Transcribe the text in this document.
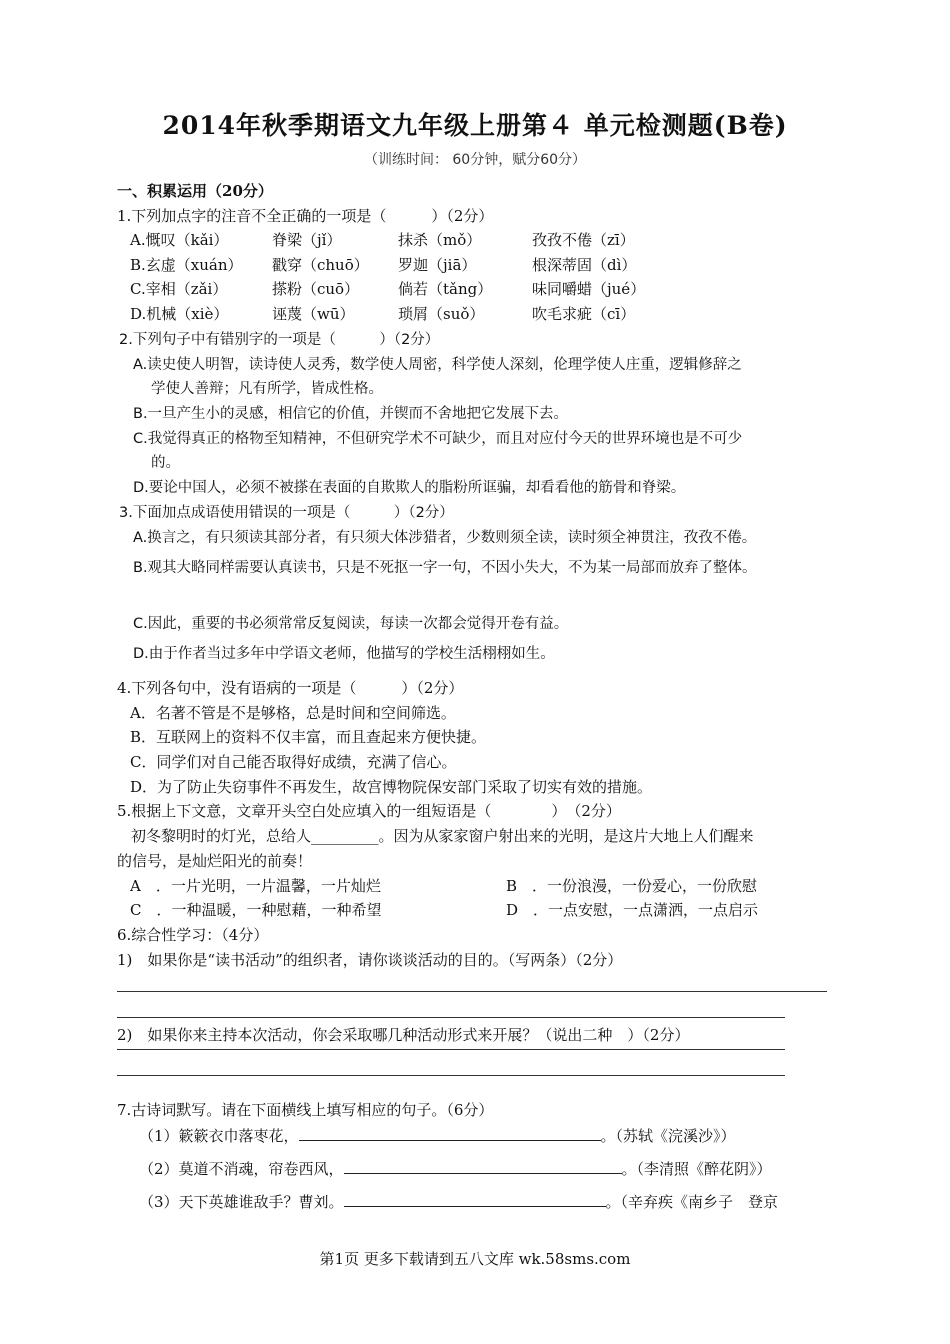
2014年秋季期语文九年级上册第４ 单元检测题(B卷)
（训练时间： 60分钟，赋分60分）
一、积累运用（20分）
1.下列加点字的注音不全正确的一项是（　　　）（2分）
A.慨叹（kǎi）	脊梁（jǐ）	抹杀（mǒ）	孜孜不倦（zī）
B.玄虚（xuán） 戳穿（chuō） 罗迦（jiā）	根深蒂固（dì）
C.宰相（zǎi）	搽粉（cuō）	倘若（tǎng）	味同嚼蜡（jué）
D.机械（xiè）	诬蔑（wū）	琐屑（suǒ）	吹毛求疵（cī）
2.下列句子中有错别字的一项是（　　　）（2分）
A.读史使人明智，读诗使人灵秀，数学使人周密，科学使人深刻，伦理学使人庄重，逻辑修辞之
学使人善辩；凡有所学，皆成性格。
B.一旦产生小的灵感，相信它的价值，并锲而不舍地把它发展下去。
C.我觉得真正的格物至知精神，不但研究学术不可缺少，而且对应付今天的世界环境也是不可少
的。
D.要论中国人，必须不被搽在表面的自欺欺人的脂粉所诓骗，却看看他的筋骨和脊梁。
3.下面加点成语使用错误的一项是（　　　）（2分）
A.换言之，有只须读其部分者，有只须大体涉猎者，少数则须全读，读时须全神贯注，孜孜不倦。
B.观其大略同样需要认真读书，只是不死抠一字一句，不因小失大，不为某一局部而放弃了整体。
C.因此，重要的书必须常常反复阅读，每读一次都会觉得开卷有益。
D.由于作者当过多年中学语文老师，他描写的学校生活栩栩如生。
4.下列各句中，没有语病的一项是（　　　）（2分）
A．名著不管是不是够格，总是时间和空间筛选。
B．互联网上的资料不仅丰富，而且查起来方便快捷。
C．同学们对自己能否取得好成绩，充满了信心。
D．为了防止失窃事件不再发生，故宫博物院保安部门采取了切实有效的措施。
5.根据上下文意，文章开头空白处应填入的一组短语是（　　　　）　（2分）
初冬黎明时的灯光，总给人_________。因为从家家窗户射出来的光明，是这片大地上人们醒来
的信号，是灿烂阳光的前奏！
A　．一片光明，一片温馨，一片灿烂	B　．一份浪漫，一份爱心，一份欣慰
C　．一种温暖，一种慰藉，一种希望	D　．一点安慰，一点潇洒，一点启示
6.综合性学习：（4分）
1)　如果你是“读书活动”的组织者，请你谈谈活动的目的。（写两条）（2分）
2)　如果你来主持本次活动，你会采取哪几种活动形式来开展？（说出二种　）（2分）
7.古诗词默写。请在下面横线上填写相应的句子。（6分）
（1）簌簌衣巾落枣花，	。（苏轼《浣溪沙》）
（2）莫道不消魂，帘卷西风，	。（李清照《醉花阴》）
（3）天下英雄谁敌手？曹刘。	。（辛弃疾《南乡子　登京
第1页 更多下载请到五八文库 wk.58sms.com
